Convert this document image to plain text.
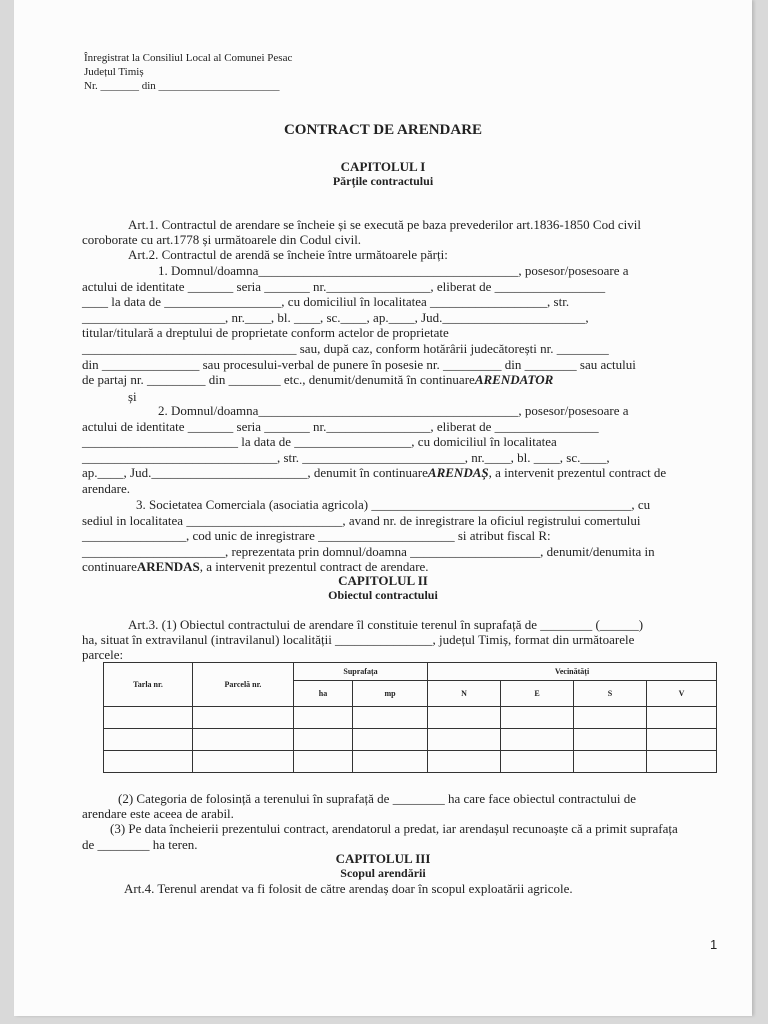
Înregistrat la Consiliul Local al Comunei Pesac
Județul Timiș
Nr. _______ din ______________________
CONTRACT DE ARENDARE
CAPITOLUL I
Părțile contractului
Art.1. Contractul de arendare se încheie și se execută pe baza prevederilor art.1836-1850 Cod civil
coroborate cu art.1778 și următoarele din Codul civil.
Art.2. Contractul de arendă se încheie între următoarele părți:
1. Domnul/doamna________________________________________, posesor/posesoare a
actului de identitate _______ seria _______ nr.________________, eliberat de _________________
____ la data de __________________, cu domiciliul în localitatea __________________, str.
______________________, nr.____, bl. ____, sc.____, ap.____, Jud.______________________,
titular/titulară a dreptului de proprietate conform actelor de proprietate
_________________________________ sau, după caz, conform hotărârii judecătorești nr. ________
din _______________ sau procesului-verbal de punere în posesie nr. _________ din ________ sau actului
de partaj nr. _________ din ________ etc., denumit/denumită în continuareARENDATOR
și
2. Domnul/doamna________________________________________, posesor/posesoare a
actului de identitate _______ seria _______ nr.________________, eliberat de ________________
________________________ la data de __________________, cu domiciliul în localitatea
______________________________, str. _________________________, nr.____, bl. ____, sc.____,
ap.____, Jud.________________________, denumit în continuareARENDAȘ, a intervenit prezentul contract de
arendare.
3. Societatea Comerciala (asociatia agricola) ________________________________________, cu
sediul in localitatea ________________________, avand nr. de inregistrare la oficiul registrului comertului
________________, cod unic de inregistrare _____________________ si atribut fiscal R:
______________________, reprezentata prin domnul/doamna ____________________, denumit/denumita in
continuareARENDAS, a intervenit prezentul contract de arendare.
CAPITOLUL II
Obiectul contractului
Art.3. (1) Obiectul contractului de arendare îl constituie terenul în suprafață de ________ (______)
ha, situat în extravilanul (intravilanul) localității _______________, județul Timiș, format din următoarele
parcele:
Tarla nr.	Parcelă nr.	Suprafața		Vecinătăți			
		ha	mp	N	E	S	V

(2) Categoria de folosință a terenului în suprafață de ________ ha care face obiectul contractului de
arendare este aceea de arabil.
(3) Pe data încheierii prezentului contract, arendatorul a predat, iar arendașul recunoaște că a primit suprafața
de ________ ha teren.
CAPITOLUL III
Scopul arendării
Art.4. Terenul arendat va fi folosit de către arendaș doar în scopul exploatării agricole.
1
